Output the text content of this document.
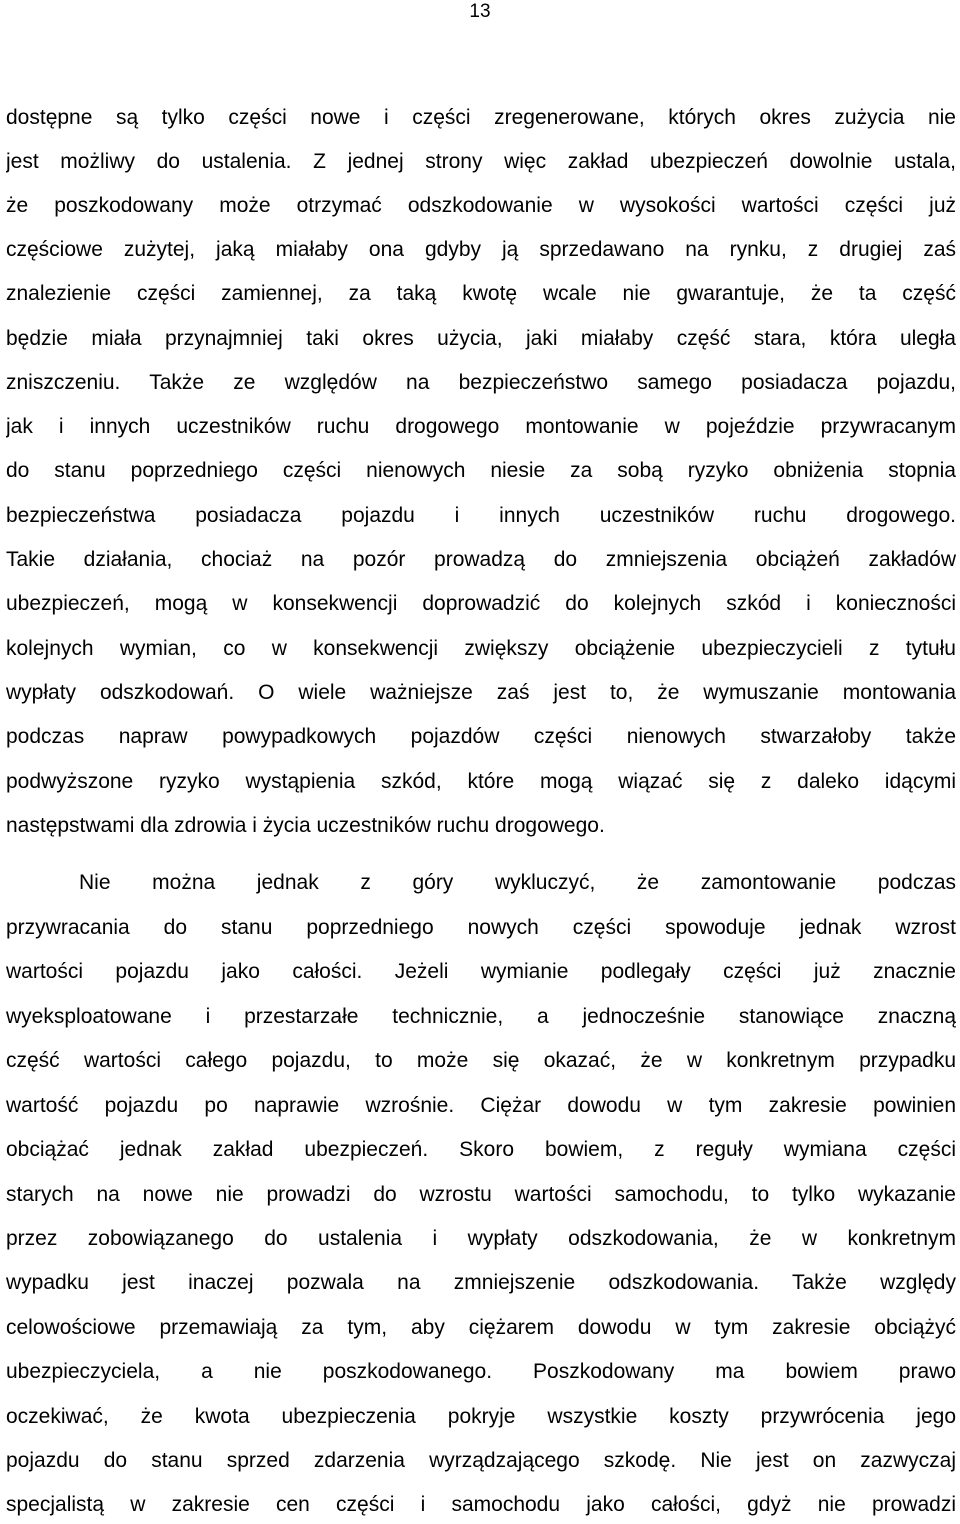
13
dostępne są tylko części nowe i części zregenerowane, których okres zużycia nie
jest możliwy do ustalenia. Z jednej strony więc zakład ubezpieczeń dowolnie ustala,
że poszkodowany może otrzymać odszkodowanie w wysokości wartości części już
częściowe zużytej, jaką miałaby ona gdyby ją sprzedawano na rynku, z drugiej zaś
znalezienie części zamiennej, za taką kwotę wcale nie gwarantuje, że ta część
będzie miała przynajmniej taki okres użycia, jaki miałaby część stara, która uległa
zniszczeniu. Także ze względów na bezpieczeństwo samego posiadacza pojazdu,
jak i innych uczestników ruchu drogowego montowanie w pojeździe przywracanym
do stanu poprzedniego części nienowych niesie za sobą ryzyko obniżenia stopnia
bezpieczeństwa posiadacza pojazdu i innych uczestników ruchu drogowego.
Takie działania, chociaż na pozór prowadzą do zmniejszenia obciążeń zakładów
ubezpieczeń, mogą w konsekwencji doprowadzić do kolejnych szkód i konieczności
kolejnych wymian, co w konsekwencji zwiększy obciążenie ubezpieczycieli z tytułu
wypłaty odszkodowań. O wiele ważniejsze zaś jest to, że wymuszanie montowania
podczas napraw powypadkowych pojazdów części nienowych stwarzałoby także
podwyższone ryzyko wystąpienia szkód, które mogą wiązać się z daleko idącymi
następstwami dla zdrowia i życia uczestników ruchu drogowego.
Nie można jednak z góry wykluczyć, że zamontowanie podczas
przywracania do stanu poprzedniego nowych części spowoduje jednak wzrost
wartości pojazdu jako całości. Jeżeli wymianie podlegały części już znacznie
wyeksploatowane i przestarzałe technicznie, a jednocześnie stanowiące znaczną
część wartości całego pojazdu, to może się okazać, że w konkretnym przypadku
wartość pojazdu po naprawie wzrośnie. Ciężar dowodu w tym zakresie powinien
obciążać jednak zakład ubezpieczeń. Skoro bowiem, z reguły wymiana części
starych na nowe nie prowadzi do wzrostu wartości samochodu, to tylko wykazanie
przez zobowiązanego do ustalenia i wypłaty odszkodowania, że w konkretnym
wypadku jest inaczej pozwala na zmniejszenie odszkodowania. Także względy
celowościowe przemawiają za tym, aby ciężarem dowodu w tym zakresie obciążyć
ubezpieczyciela, a nie poszkodowanego. Poszkodowany ma bowiem prawo
oczekiwać, że kwota ubezpieczenia pokryje wszystkie koszty przywrócenia jego
pojazdu do stanu sprzed zdarzenia wyrządzającego szkodę. Nie jest on zazwyczaj
specjalistą w zakresie cen części i samochodu jako całości, gdyż nie prowadzi
